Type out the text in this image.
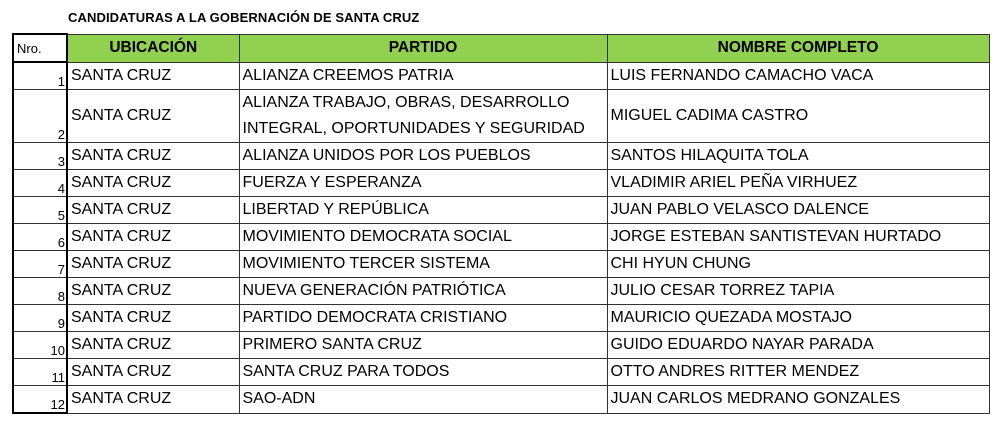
CANDIDATURAS A LA GOBERNACIÓN DE SANTA CRUZ
Nro.	UBICACIÓN	PARTIDO	NOMBRE COMPLETO
1	SANTA CRUZ	ALIANZA CREEMOS PATRIA	LUIS FERNANDO CAMACHO VACA
2	SANTA CRUZ	ALIANZA TRABAJO, OBRAS, DESARROLLO INTEGRAL, OPORTUNIDADES Y SEGURIDAD	MIGUEL CADIMA CASTRO
3	SANTA CRUZ	ALIANZA UNIDOS POR LOS PUEBLOS	SANTOS HILAQUITA TOLA
4	SANTA CRUZ	FUERZA Y ESPERANZA	VLADIMIR ARIEL PEÑA VIRHUEZ
5	SANTA CRUZ	LIBERTAD Y REPÚBLICA	JUAN PABLO VELASCO DALENCE
6	SANTA CRUZ	MOVIMIENTO DEMOCRATA SOCIAL	JORGE ESTEBAN SANTISTEVAN HURTADO
7	SANTA CRUZ	MOVIMIENTO TERCER SISTEMA	CHI HYUN CHUNG
8	SANTA CRUZ	NUEVA GENERACIÓN PATRIÓTICA	JULIO CESAR TORREZ TAPIA
9	SANTA CRUZ	PARTIDO DEMOCRATA CRISTIANO	MAURICIO QUEZADA MOSTAJO
10	SANTA CRUZ	PRIMERO SANTA CRUZ	GUIDO EDUARDO NAYAR PARADA
11	SANTA CRUZ	SANTA CRUZ PARA TODOS	OTTO ANDRES RITTER MENDEZ
12	SANTA CRUZ	SAO-ADN	JUAN CARLOS MEDRANO GONZALES
